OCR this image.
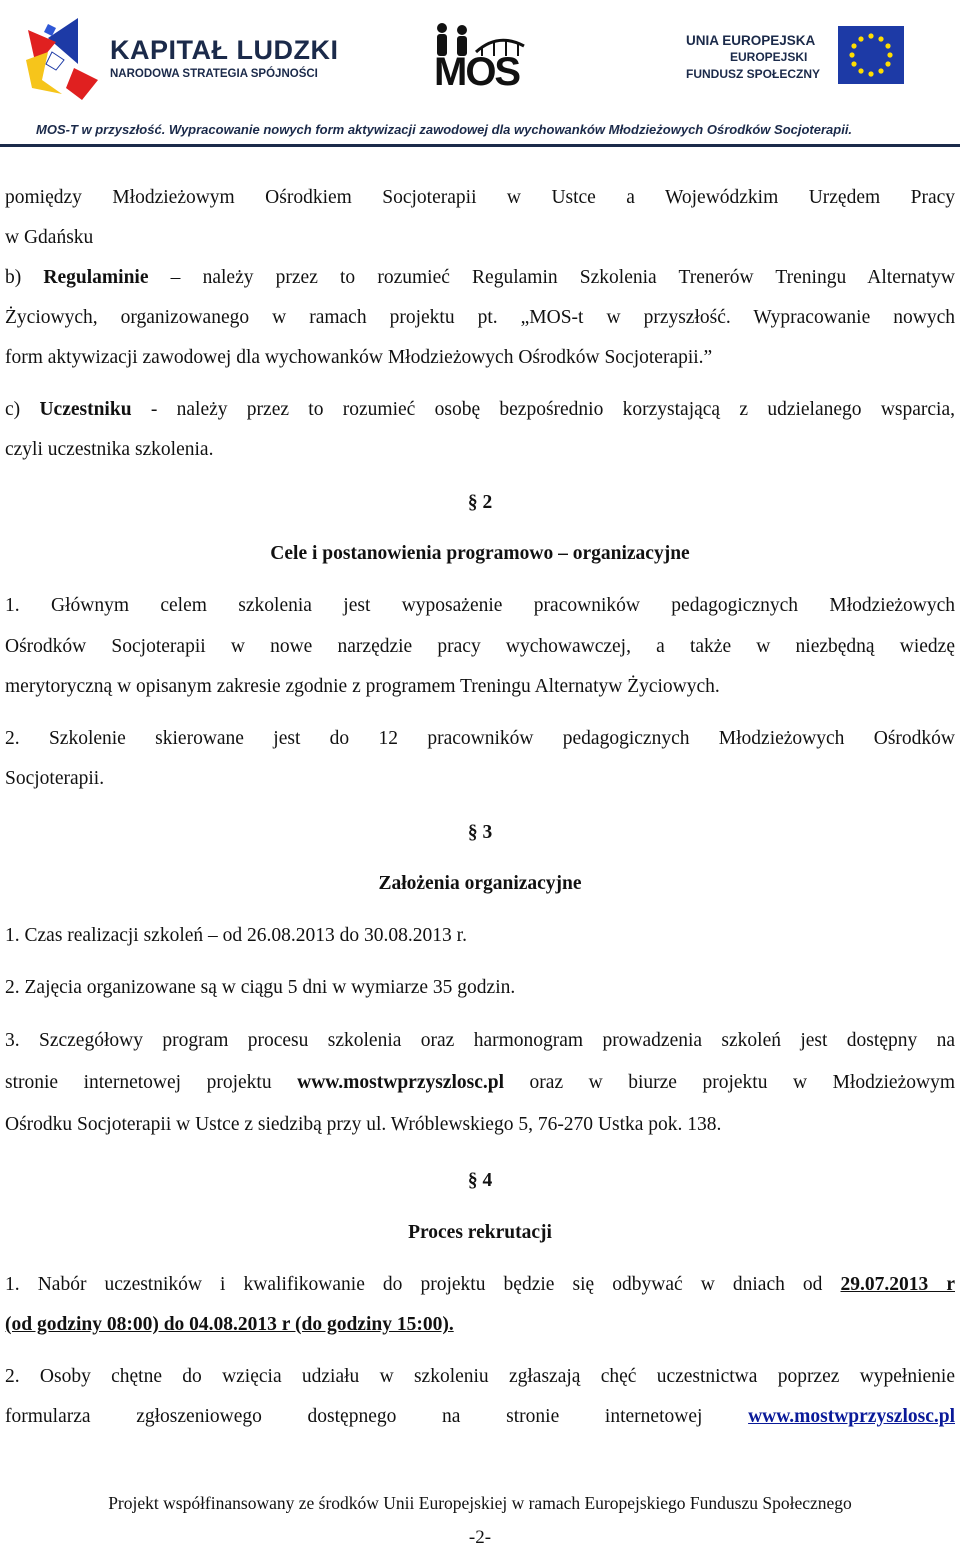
KAPITAŁ LUDZKI
NARODOWA STRATEGIA SPÓJNOŚCI	MOS
UNIA EUROPEJSKA
EUROPEJSKI
FUNDUSZ SPOŁECZNY
MOS-T w przyszłość. Wypracowanie nowych form aktywizacji zawodowej dla wychowanków Młodzieżowych Ośrodków Socjoterapii.
pomiędzy Młodzieżowym Ośrodkiem Socjoterapii w Ustce a Wojewódzkim Urzędem Pracy
w Gdańsku
b) Regulaminie – należy przez to rozumieć Regulamin Szkolenia Trenerów Treningu Alternatyw
Życiowych, organizowanego w ramach projektu pt. „MOS-t w przyszłość. Wypracowanie nowych
form aktywizacji zawodowej dla wychowanków Młodzieżowych Ośrodków Socjoterapii.”
c) Uczestniku - należy przez to rozumieć osobę bezpośrednio korzystającą z udzielanego wsparcia,
czyli uczestnika szkolenia.
§ 2
Cele i postanowienia programowo – organizacyjne
1. Głównym celem szkolenia jest wyposażenie pracowników pedagogicznych Młodzieżowych
Ośrodków Socjoterapii w nowe narzędzie pracy wychowawczej, a także w niezbędną wiedzę
merytoryczną w opisanym zakresie zgodnie z programem Treningu Alternatyw Życiowych.
2. Szkolenie skierowane jest do 12 pracowników pedagogicznych Młodzieżowych Ośrodków
Socjoterapii.
§ 3
Założenia organizacyjne
1. Czas realizacji szkoleń – od 26.08.2013 do 30.08.2013 r.
2. Zajęcia organizowane są w ciągu 5 dni w wymiarze 35 godzin.
3. Szczegółowy program procesu szkolenia oraz harmonogram prowadzenia szkoleń jest dostępny na
stronie internetowej projektu www.mostwprzyszlosc.pl oraz w biurze projektu w Młodzieżowym
Ośrodku Socjoterapii w Ustce z siedzibą przy ul. Wróblewskiego 5, 76-270 Ustka pok. 138.
§ 4
Proces rekrutacji
1. Nabór uczestników i kwalifikowanie do projektu będzie się odbywać w dniach od 29.07.2013 r
(od godziny 08:00) do 04.08.2013 r (do godziny 15:00).
2. Osoby chętne do wzięcia udziału w szkoleniu zgłaszają chęć uczestnictwa poprzez wypełnienie
formularza zgłoszeniowego dostępnego na stronie internetowej www.mostwprzyszlosc.pl
Projekt współfinansowany ze środków Unii Europejskiej w ramach Europejskiego Funduszu Społecznego
-2-
